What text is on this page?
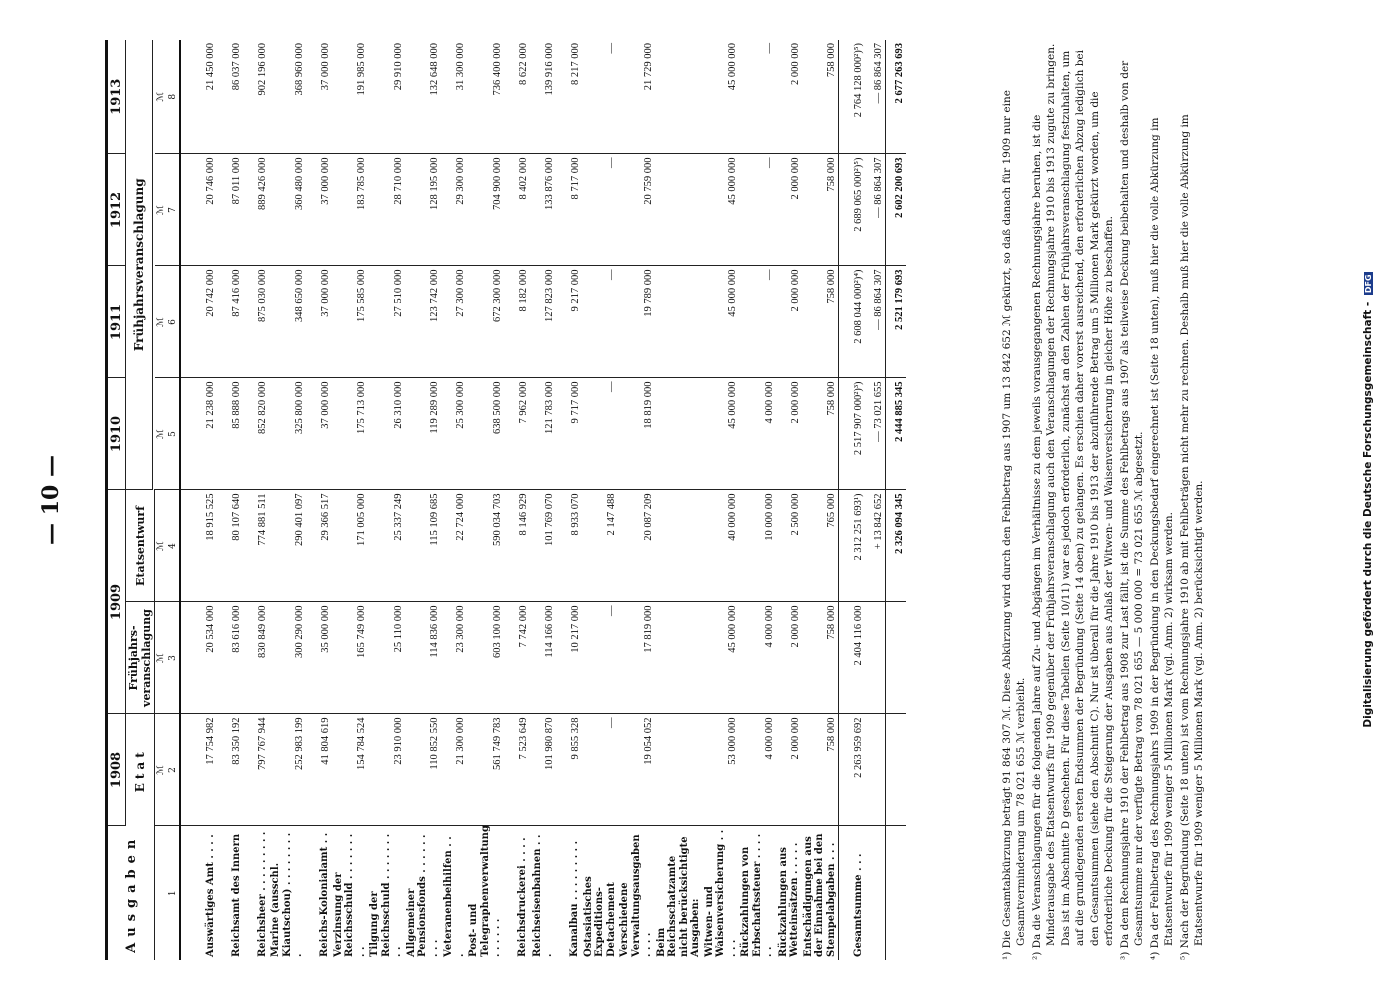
— 10 —
Ausgaben	1908	1909		1910	1911	1912	1913
	Etat	Frühjahrs-veranschlagung	Etatsentwurf	Frühjahrsveranschlagung			

	ℳ	ℳ	ℳ	ℳ	ℳ	ℳ	ℳ
1	2	3	4	5	6	7	8

Auswärtiges Amt . . . .	17 754 982	20 534 000	18 915 525	21 238 000	20 742 000	20 746 000	21 450 000
Reichsamt des Innern	83 350 192	83 616 000	80 107 640	85 888 000	87 416 000	87 011 000	86 037 000
Reichsheer . . . . . . . . .	797 767 944	830 849 000	774 881 511	852 820 000	875 030 000	889 426 000	902 196 000
Marine (ausschl. Kiautschou) . . . . . . . . .	252 983 199	300 290 000	290 401 097	325 800 000	348 650 000	360 480 000	368 960 000
Reichs-Kolonialamt . .	41 804 619	35 000 000	29 366 517	37 000 000	37 000 000	37 000 000	37 000 000
Verzinsung der Reichsschuld . . . . . . . . .	154 784 524	165 749 000	171 005 000	175 713 000	175 585 000	183 785 000	191 985 000
Tilgung der Reichsschuld . . . . . . . . .	23 910 000	25 110 000	25 337 249	26 310 000	27 510 000	28 710 000	29 910 000
Allgemeiner Pensionsfonds . . . . . . . . .	110 852 550	114 836 000	115 109 685	119 289 000	123 742 000	128 195 000	132 648 000
Veteranenbeihilfen . . .	21 300 000	23 300 000	22 724 000	25 300 000	27 300 000	29 300 000	31 300 000
Post- und Telegraphenverwaltung . . . . . .	561 749 783	603 100 000	590 034 703	638 500 000	672 300 000	704 900 000	736 400 000
Reichsdruckerei . . . .	7 523 649	7 742 000	8 146 929	7 962 000	8 182 000	8 402 000	8 622 000
Reichseisenbahnen . . .	101 980 870	114 166 000	101 769 070	121 783 000	127 823 000	133 876 000	139 916 000
Kanalbau . . . . . . . . .	9 855 328	10 217 000	8 933 070	9 717 000	9 217 000	8 717 000	8 217 000
Ostasiatisches Expeditions-Detachement	—	—	2 147 488	—	—	—	—
Verschiedene Verwaltungsausgaben . . . .	19 054 052	17 819 000	20 087 209	18 819 000	19 789 000	20 759 000	21 729 000
Beim Reichsschatzamte nicht berücksichtigte Ausgaben:							
Witwen- und Waisenversicherung . . . . .	53 000 000	45 000 000	40 000 000	45 000 000	45 000 000	45 000 000	45 000 000
Rückzahlungen von Erbschaftssteuer . . . . . .	4 000 000	4 000 000	10 000 000	4 000 000	—	—	—
Rückzahlungen aus Wetteinsätzen . . . . .	2 000 000	2 000 000	2 500 000	2 000 000	2 000 000	2 000 000	2 000 000
Entschädigungen aus der Einnahme bei den Stempelabgaben . . .	758 000	758 000	765 000	758 000	758 000	758 000	758 000
Gesamtsumme . . .	2 263 959 692	2 404 116 000	2 312 251 693¹)	2 517 907 000²)³)	2 608 044 000²)⁴)	2 689 065 000²)⁵)	2 764 128 000²)⁵)
			+ 13 842 652	— 73 021 655	— 86 864 307	— 86 864 307	— 86 864 307
			2 326 094 345	2 444 885 345	2 521 179 693	2 602 200 693	2 677 263 693

¹) Die Gesamtabkürzung beträgt 91 864 307 ℳ. Diese Abkürzung wird durch den Fehlbetrag aus 1907 um 13 842 652 ℳ gekürzt, so daß danach für 1909 nur eine Gesamtverminderung um 78 021 655 ℳ verbleibt. ²) Da die Veranschlagungen für die folgenden Jahre auf Zu- und Abgängen im Verhältnisse zu dem jeweils vorausgegangenen Rechnungsjahre beruhen, ist die Minderausgabe des Etatsentwurfs für 1909 gegenüber der Frühjahrsveranschlagung auch den Veranschlagungen der Rechnungsjahre 1910 bis 1913 zugute zu bringen. Das ist im Abschnitte D geschehen. Für diese Tabellen (Seite 10/11) war es jedoch erforderlich, zunächst an den Zahlen der Frühjahrsveranschlagung festzuhalten, um auf die grundlegenden ersten Endsummen der Begründung (Seite 14 oben) zu gelangen. Es erschien daher vorerst ausreichend, den erforderlichen Abzug lediglich bei den Gesamtsummen (siehe den Abschnitt C). Nur ist überall für die Jahre 1910 bis 1913 der abzuführende Betrag um 5 Millionen Mark gekürzt worden, um die erforderliche Deckung für die Steigerung der Ausgaben aus Anlaß der Witwen- und Waisenversicherung in gleicher Höhe zu beschaffen. ³) Da dem Rechnungsjahre 1910 der Fehlbetrag aus 1908 zur Last fällt, ist die Summe des Fehlbetrags aus 1907 als teilweise Deckung beibehalten und deshalb von der Gesamtsumme nur der verfügte Betrag von 78 021 655 — 5 000 000 = 73 021 655 ℳ abgesetzt. ⁴) Da der Fehlbetrag des Rechnungsjahrs 1909 in der Begründung in den Deckungsbedarf eingerechnet ist (Seite 18 unten), muß hier die volle Abkürzung im Etatsentwurfe für 1909 weniger 5 Millionen Mark (vgl. Anm. 2) wirksam werden. ⁵) Nach der Begründung (Seite 18 unten) ist vom Rechnungsjahre 1910 ab mit Fehlbeträgen nicht mehr zu rechnen. Deshalb muß hier die volle Abkürzung im Etatsentwurfe für 1909 weniger 5 Millionen Mark (vgl. Anm. 2) berücksichtigt werden.	Digitalisierung gefördert durch die Deutsche Forschungsgemeinschaft - DFG
